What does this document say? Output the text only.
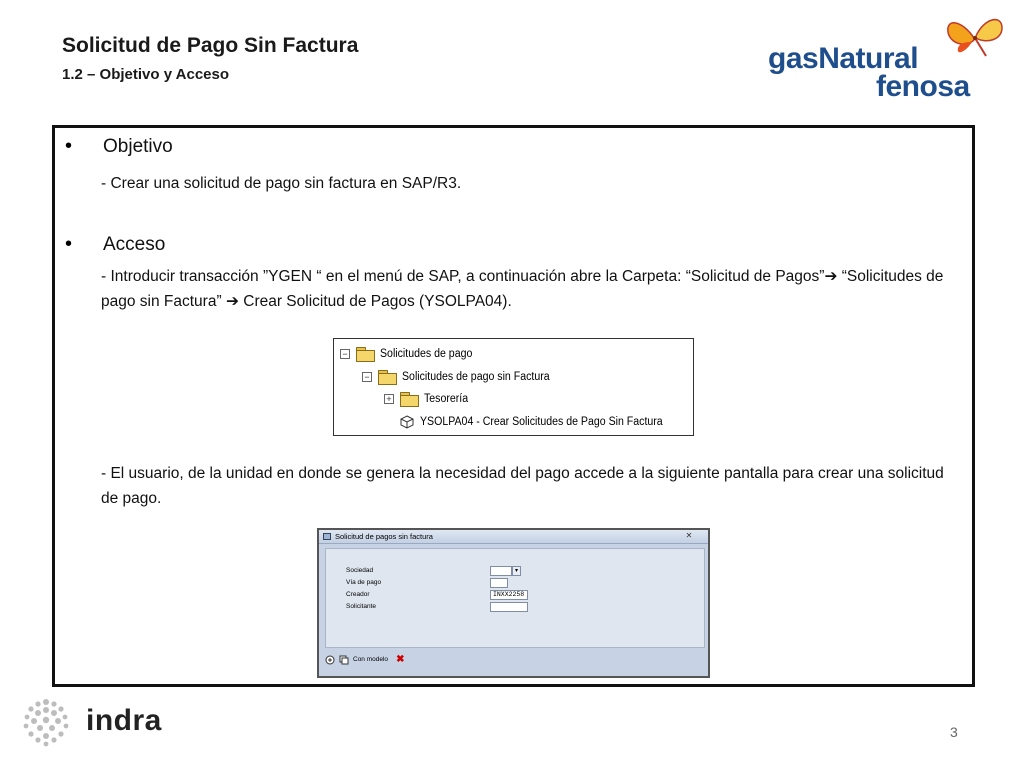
Solicitud de Pago Sin Factura
1.2 – Objetivo y Acceso	gasNatural
fenosa
•	Objetivo
- Crear una solicitud de pago sin factura en SAP/R3.
•	Acceso
- Introducir transacción ”YGEN “ en el menú de SAP, a continuación abre la Carpeta: “Solicitud de Pagos”➔ “Solicitudes de pago sin Factura” ➔ Crear Solicitud de Pagos (YSOLPA04).
−	Solicitudes de pago
−	Solicitudes de pago sin Factura
+	Tesorería
YSOLPA04 - Crear Solicitudes de Pago Sin Factura
- El usuario, de la unidad en donde se genera la necesidad del pago accede a la siguiente pantalla para crear una solicitud de pago.
Solicitud de pagos sin factura	✕
Sociedad	▾
Vía de pago
Creador	INXX2258
Solicitante
Con modelo ✖
indra	3
